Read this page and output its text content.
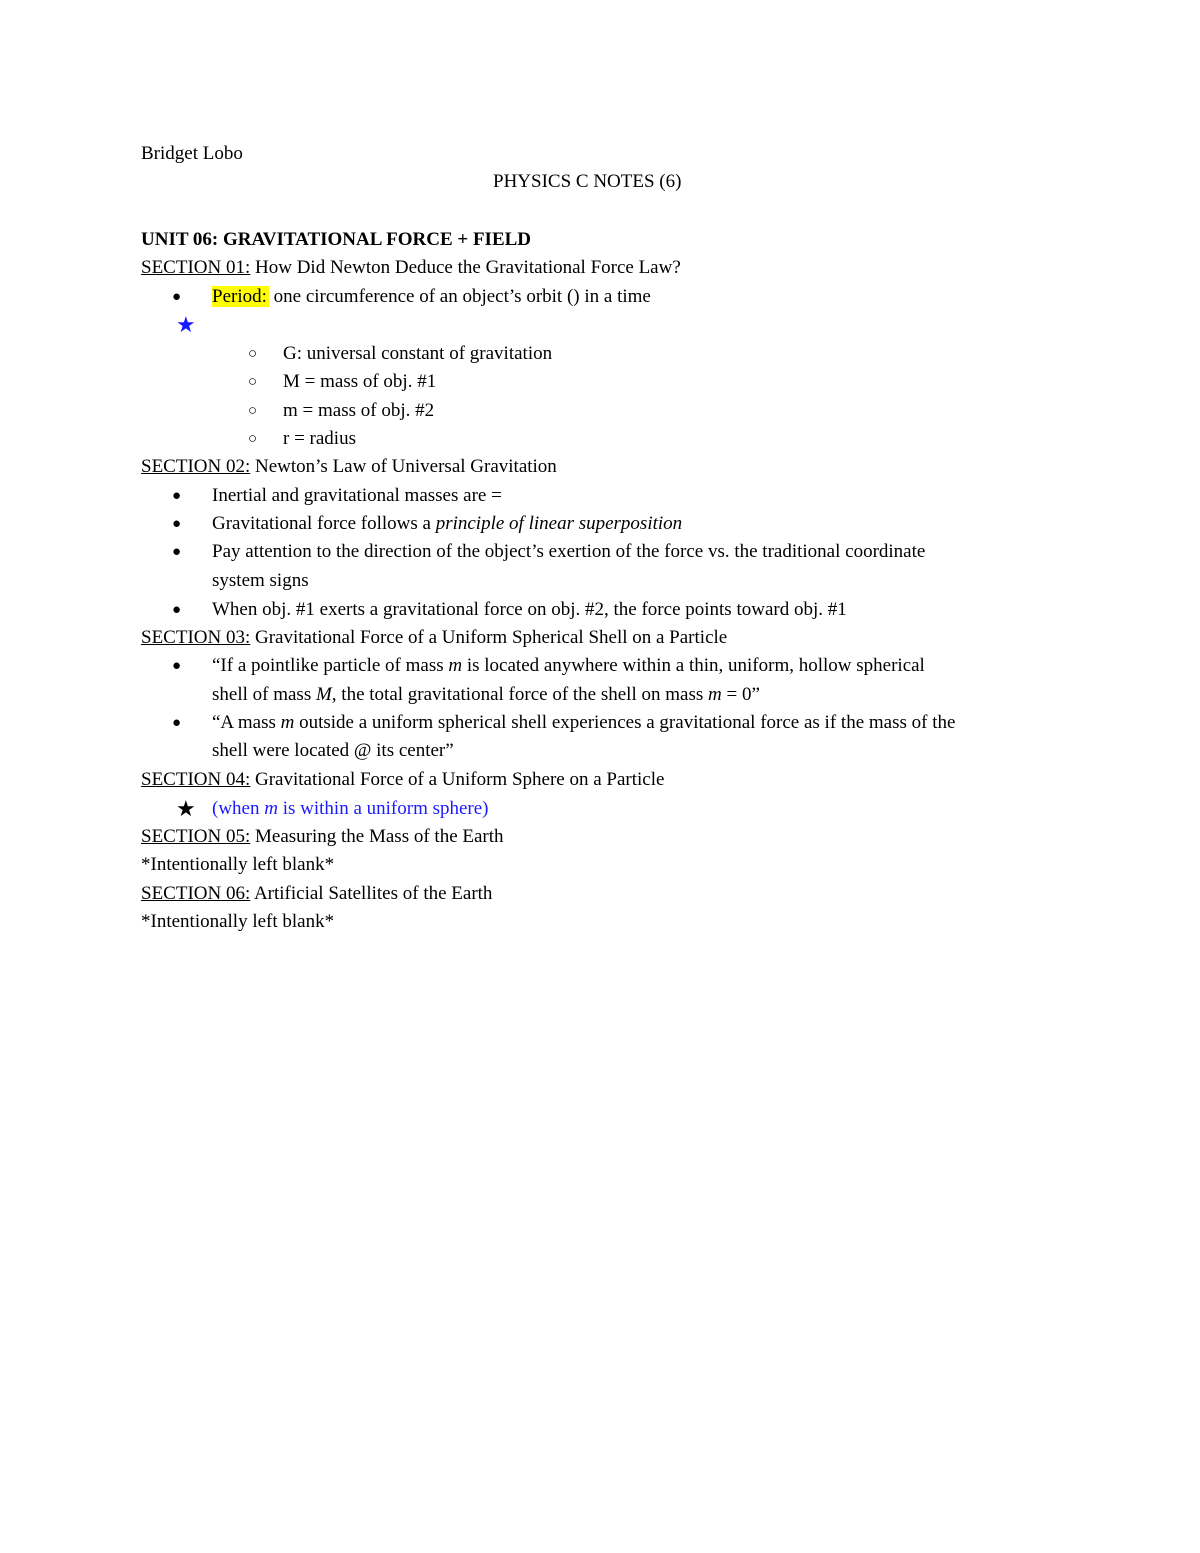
Bridget Lobo
PHYSICS C NOTES (6)
UNIT 06: GRAVITATIONAL FORCE + FIELD
SECTION 01: How Did Newton Deduce the Gravitational Force Law?
● Period: one circumference of an object’s orbit () in a time
★
○ G: universal constant of gravitation
○ M = mass of obj. #1
○ m = mass of obj. #2
○ r = radius
SECTION 02: Newton’s Law of Universal Gravitation
● Inertial and gravitational masses are =
● Gravitational force follows a principle of linear superposition
● Pay attention to the direction of the object’s exertion of the force vs. the traditional coordinate
system signs
● When obj. #1 exerts a gravitational force on obj. #2, the force points toward obj. #1
SECTION 03: Gravitational Force of a Uniform Spherical Shell on a Particle
● “If a pointlike particle of mass m is located anywhere within a thin, uniform, hollow spherical
shell of mass M, the total gravitational force of the shell on mass m = 0”
● “A mass m outside a uniform spherical shell experiences a gravitational force as if the mass of the
shell were located @ its center”
SECTION 04: Gravitational Force of a Uniform Sphere on a Particle
★ (when m is within a uniform sphere)
SECTION 05: Measuring the Mass of the Earth
*Intentionally left blank*
SECTION 06: Artificial Satellites of the Earth
*Intentionally left blank*
